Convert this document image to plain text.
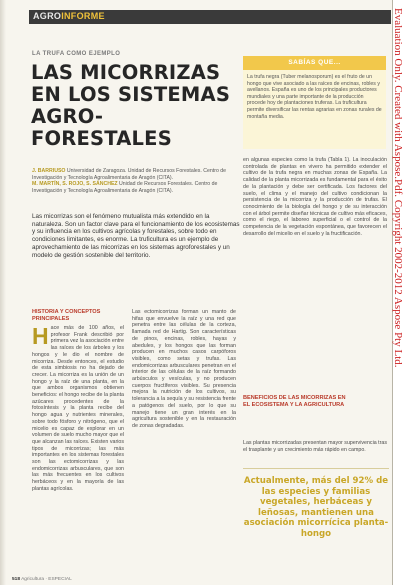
AGROINFORME
LA TRUFA COMO EJEMPLO
LAS MICORRIZAS EN LOS SISTEMAS AGRO-FORESTALES
J. BARRIUSO Universidad de Zaragoza. Unidad de Recursos Forestales. Centro de Investigación y Tecnología Agroalimentaria de Aragón (CITA).
M. MARTÍN, S. ROJO, S. SÁNCHEZ Unidad de Recursos Forestales. Centro de Investigación y Tecnología Agroalimentaria de Aragón (CITA).
Las micorrizas son el fenómeno mutualista más extendido en la naturaleza. Son un factor clave para el funcionamiento de los ecosistemas y su influencia en los cultivos agrícolas y forestales, sobre todo en condiciones limitantes, es enorme. La truficultura es un ejemplo de aprovechamiento de las micorrizas en los sistemas agroforestales y un modelo de gestión sostenible del territorio.
SABÍAS QUE...
La trufa negra (Tuber melanosporum) es el fruto de un hongo que vive asociado a las raíces de encinas, robles y avellanos. España es uno de los principales productores mundiales y una parte importante de la producción procede hoy de plantaciones truferas. La truficultura permite diversificar las rentas agrarias en zonas rurales de montaña media.
HISTORIA Y CONCEPTOS PRINCIPALES
Hace más de 100 años, el profesor Frank describió por primera vez la asociación entre las raíces de los árboles y los hongos y le dio el nombre de micorriza. Desde entonces, el estudio de esta simbiosis no ha dejado de crecer. La micorriza es la unión de un hongo y la raíz de una planta, en la que ambos organismos obtienen beneficios: el hongo recibe de la planta azúcares procedentes de la fotosíntesis y la planta recibe del hongo agua y nutrientes minerales, sobre todo fósforo y nitrógeno, que el micelio es capaz de explorar en un volumen de suelo mucho mayor que el que alcanzan las raíces. Existen varios tipos de micorrizas; las más importantes en los sistemas forestales son las ectomicorrizas y las endomicorrizas arbusculares, que son las más frecuentes en los cultivos herbáceos y en la mayoría de las plantas agrícolas.
Las ectomicorrizas forman un manto de hifas que envuelve la raíz y una red que penetra entre las células de la corteza, llamada red de Hartig. Son características de pinos, encinas, robles, hayas y abedules, y los hongos que las forman producen en muchos casos carpóforos visibles, como setas y trufas. Las endomicorrizas arbusculares penetran en el interior de las células de la raíz formando arbúsculos y vesículas, y no producen cuerpos fructíferos visibles. Su presencia mejora la nutrición de los cultivos, su tolerancia a la sequía y su resistencia frente a patógenos del suelo, por lo que su manejo tiene un gran interés en la agricultura sostenible y en la restauración de zonas degradadas.
en algunas especies como la trufa (Tabla 1). La inoculación controlada de plantas en vivero ha permitido extender el cultivo de la trufa negra en muchas zonas de España. La calidad de la planta micorrizada es fundamental para el éxito de la plantación y debe ser certificada. Los factores del suelo, el clima y el manejo del cultivo condicionan la persistencia de la micorriza y la producción de trufas. El conocimiento de la biología del hongo y de su interacción con el árbol permite diseñar técnicas de cultivo más eficaces, como el riego, el laboreo superficial o el control de la competencia de la vegetación espontánea, que favorecen el desarrollo del micelio en el suelo y la fructificación.
BENEFICIOS DE LAS MICORRIZAS EN EL ECOSISTEMA Y LA AGRICULTURA
Las plantas micorrizadas presentan mayor supervivencia tras el trasplante y un crecimiento más rápido en campo.
Actualmente, más del 92% de las especies y familias vegetales, herbáceas y leñosas, mantienen una asociación micorrícica planta-hongo
518 Agricultura · ESPECIAL
Evaluation Only. Created with Aspose.Pdf. Copyright 2002-2012 Aspose Pty Ltd.
